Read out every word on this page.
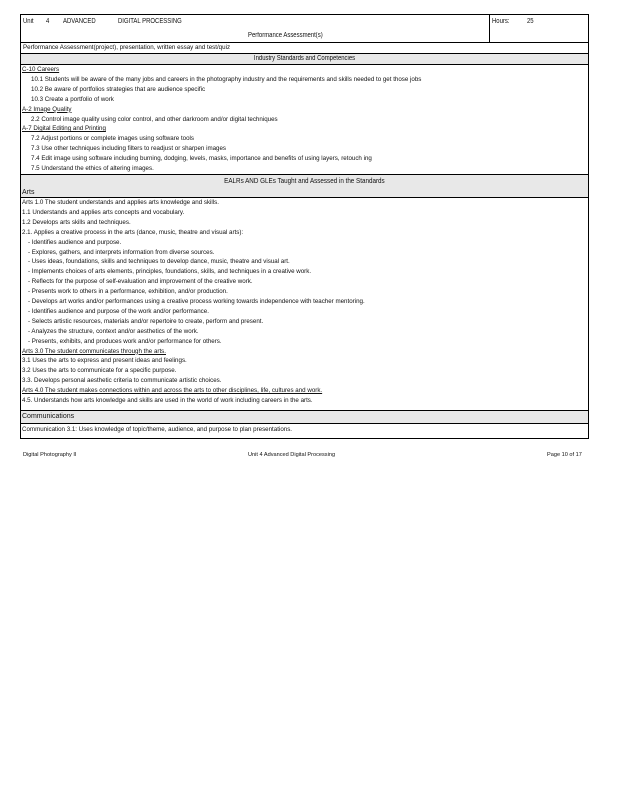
Unit 4 ADVANCED	DIGITAL PROCESSING
Performance Assessment(s)
Hours: 25
Performance Assessment(project), presentation, written essay and test/quiz
Industry Standards and Competencies
C-10 Careers
10.1 Students will be aware of the many jobs and careers in the photography industry and the requirements and skills needed to get those jobs
10.2 Be aware of portfolios strategies that are audience specific
10.3 Create a portfolio of work
A-2 Image Quality
2.2 Control image quality using color control, and other darkroom and/or digital techniques
A-7 Digital Editing and Printing
7.2 Adjust portions or complete images using software tools
7.3 Use other techniques including filters to readjust or sharpen images
7.4 Edit image using software including burning, dodging, levels, masks, importance and benefits of using layers, retouch ing
7.5 Understand the ethics of altering images.
EALRs AND GLEs Taught and Assessed in the Standards
Arts
Arts 1.0 The student understands and applies arts knowledge and skills.
1.1 Understands and applies arts concepts and vocabulary.
1.2 Develops arts skills and techniques.
2.1. Applies a creative process in the arts (dance, music, theatre and visual arts):
- Identifies audience and purpose.
- Explores, gathers, and interprets information from diverse sources.
- Uses ideas, foundations, skills and techniques to develop dance, music, theatre and visual art.
- Implements choices of arts elements, principles, foundations, skills, and techniques in a creative work.
- Reflects for the purpose of self-evaluation and improvement of the creative work.
- Presents work to others in a performance, exhibition, and/or production.
- Develops art works and/or performances using a creative process working towards independence with teacher mentoring.
- Identifies audience and purpose of the work and/or performance.
- Selects artistic resources, materials and/or repertoire to create, perform and present.
- Analyzes the structure, context and/or aesthetics of the work.
- Presents, exhibits, and produces work and/or performance for others.
Arts 3.0 The student communicates through the arts.
3.1 Uses the arts to express and present ideas and feelings.
3.2 Uses the arts to communicate for a specific purpose.
3.3. Develops personal aesthetic criteria to communicate artistic choices.
Arts 4.0 The student makes connections within and across the arts to other disciplines, life, cultures and work.
4.5. Understands how arts knowledge and skills are used in the world of work including careers in the arts.
Communications
Communication 3.1: Uses knowledge of topic/theme, audience, and purpose to plan presentations.
Digital Photography II	Unit 4 Advanced Digital Processing	Page 10 of 17
